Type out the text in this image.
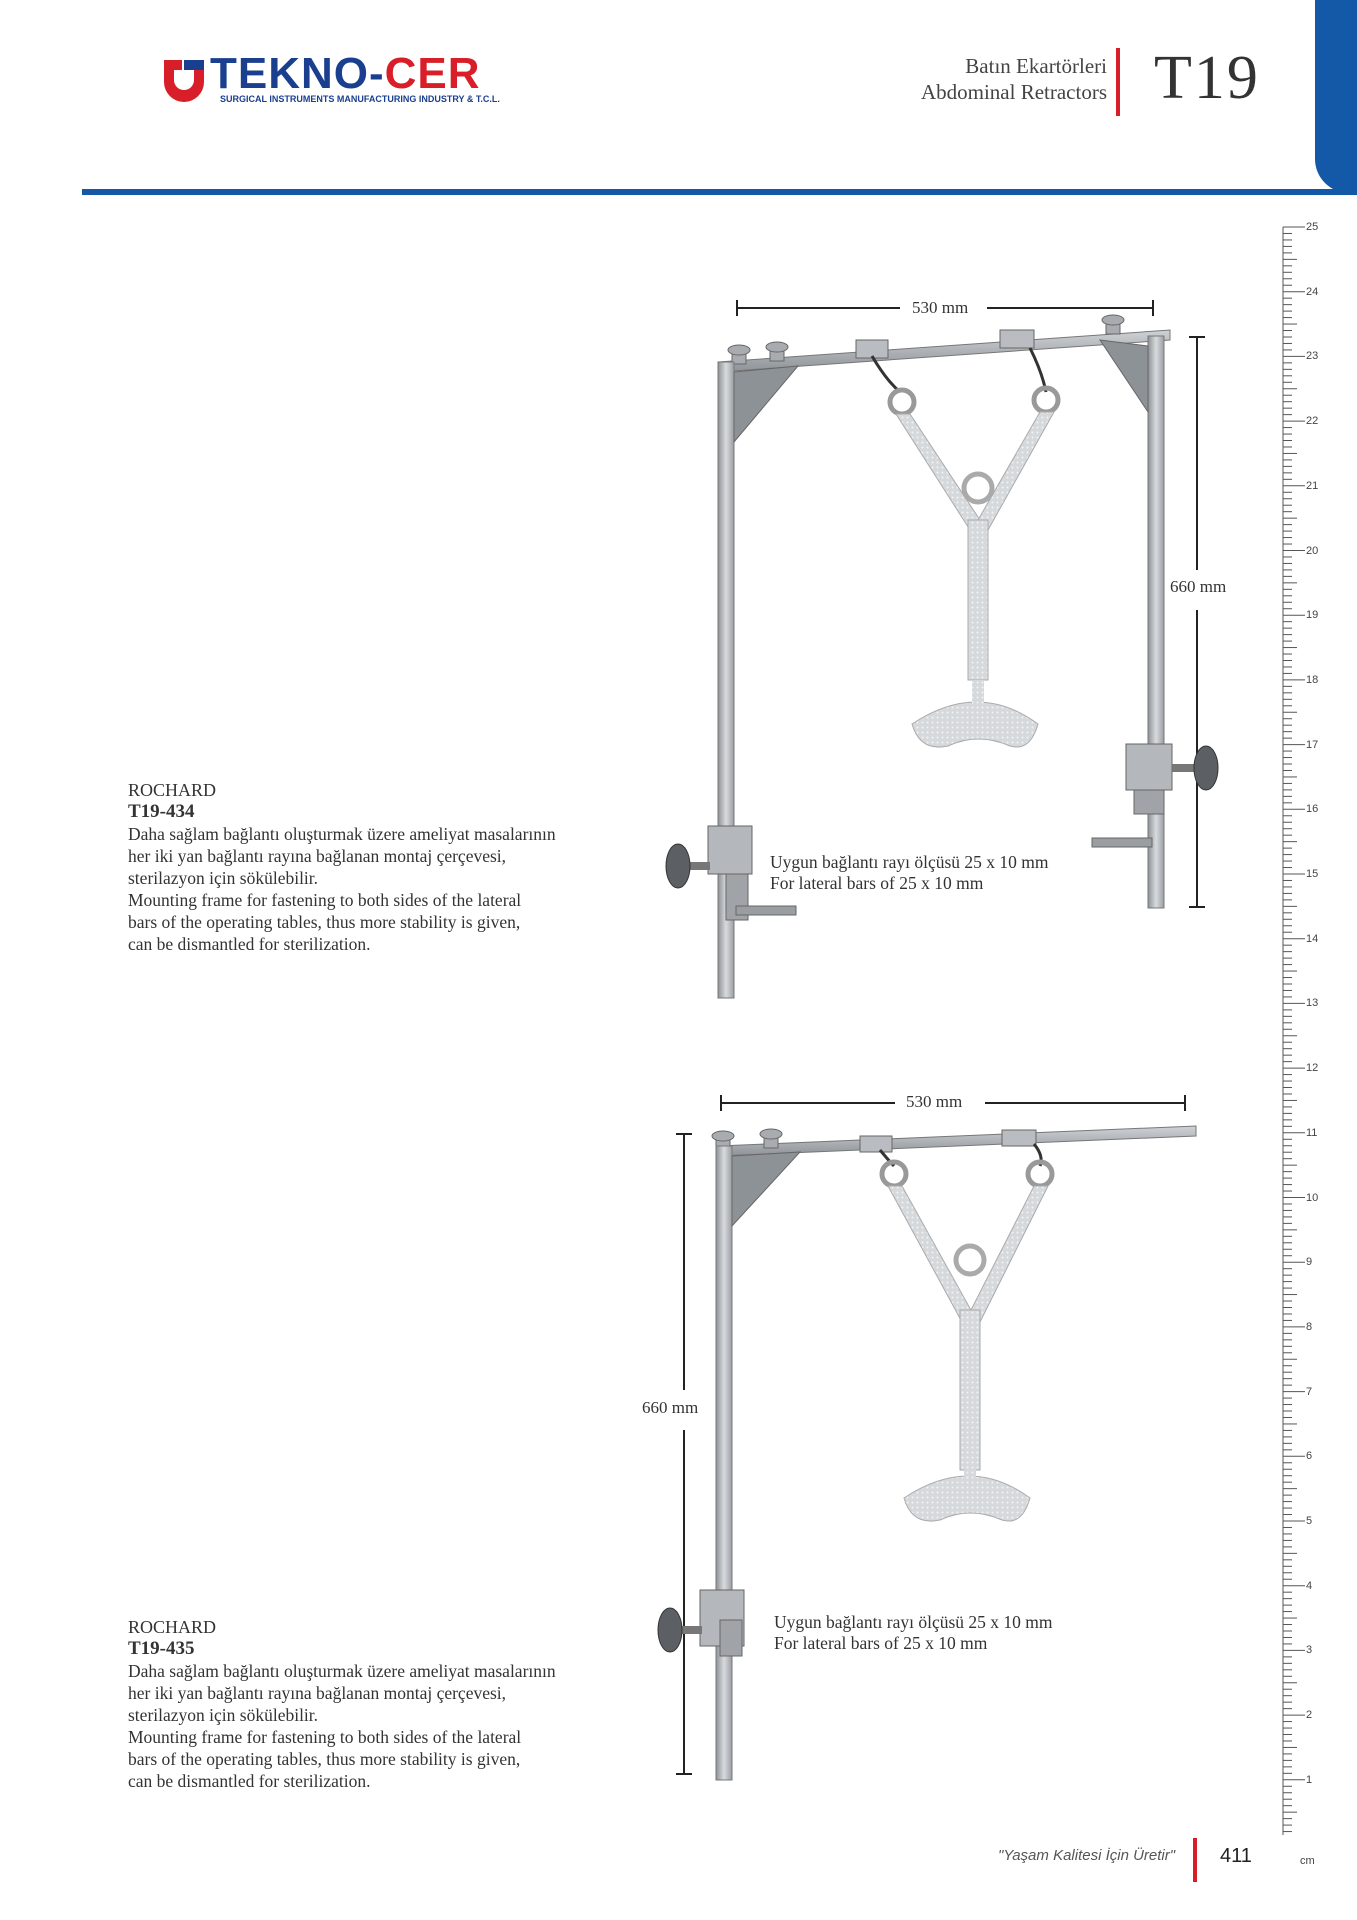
TEKNO-CER
SURGICAL INSTRUMENTS MANUFACTURING INDUSTRY & T.C.L.
Batın Ekartörleri
Abdominal Retractors T19
25
24
23
22
21
20
19
18
17
16
15
14
13
12
11
10
9
8
7
6
5
4
3
2
1
cm
ROCHARD
T19-434
Daha sağlam bağlantı oluşturmak üzere ameliyat masalarının
her iki yan bağlantı rayına bağlanan montaj çerçevesi,
sterilazyon için sökülebilir.
Mounting frame for fastening to both sides of the lateral
bars of the operating tables, thus more stability is given,
can be dismantled for sterilization.
ROCHARD
T19-435
Daha sağlam bağlantı oluşturmak üzere ameliyat masalarının
her iki yan bağlantı rayına bağlanan montaj çerçevesi,
sterilazyon için sökülebilir.
Mounting frame for fastening to both sides of the lateral
bars of the operating tables, thus more stability is given,
can be dismantled for sterilization.
530 mm
660 mm
Uygun bağlantı rayı ölçüsü 25 x 10 mm
For lateral bars of 25 x 10 mm
530 mm
660 mm
Uygun bağlantı rayı ölçüsü 25 x 10 mm
For lateral bars of 25 x 10 mm
"Yaşam Kalitesi İçin Üretir" 411
